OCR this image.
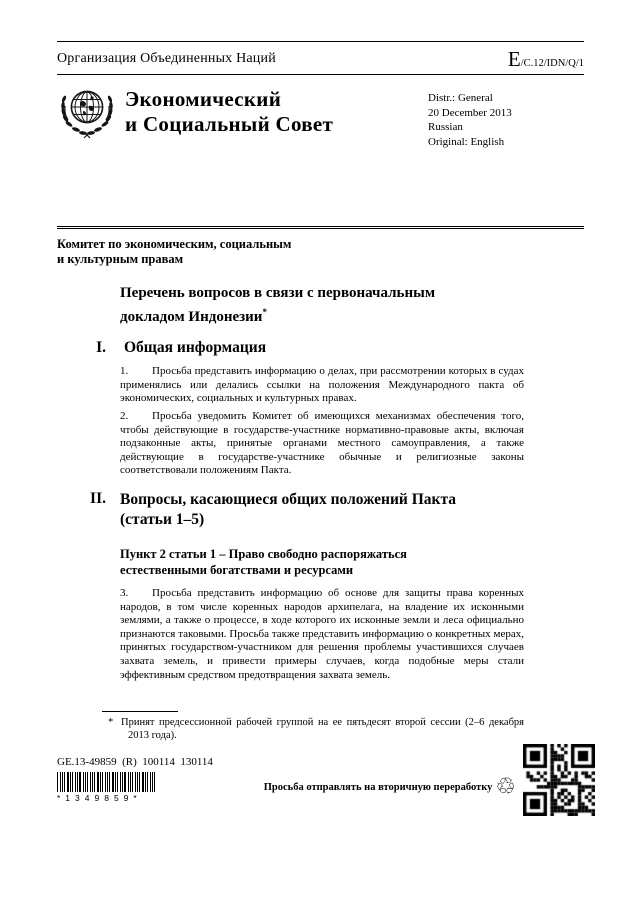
Организация Объединенных Наций	E /C.12/IDN/Q/1
Экономический
и Социальный Совет
Distr.: General
20 December 2013
Russian
Original: English
Комитет по экономическим, социальным
и культурным правам
Перечень вопросов в связи с первоначальным
докладом Индонезии*
I. Общая информация
1. Просьба представить информацию о делах, при рассмотрении которых в судах применялись или делались ссылки на положения Международного пакта об экономических, социальных и культурных правах.
2. Просьба уведомить Комитет об имеющихся механизмах обеспечения того, чтобы действующие в государстве-участнике нормативно-правовые акты, включая подзаконные акты, принятые органами местного самоуправления, а также действующие в государстве-участнике обычные и религиозные законы соответствовали положениям Пакта.
II. Вопросы, касающиеся общих положений Пакта
(статьи 1–5)
Пункт 2 статьи 1 – Право свободно распоряжаться
естественными богатствами и ресурсами
3. Просьба представить информацию об основе для защиты права коренных народов, в том числе коренных народов архипелага, на владение их исконными землями, а также о процессе, в ходе которого их исконные земли и леса официально признаются таковыми. Просьба также представить информацию о конкретных мерах, принятых государством-участником для решения проблемы участившихся случаев захвата земель, и привести примеры случаев, когда подобные меры стали эффективным средством предотвращения захвата земель.
* Принят предсессионной рабочей группой на ее пятьдесят второй сессии (2–6 декабря 2013 года).
GE.13-49859  (R)  100114  130114
*1349859*
Просьба отправлять на вторичную переработку ♲
